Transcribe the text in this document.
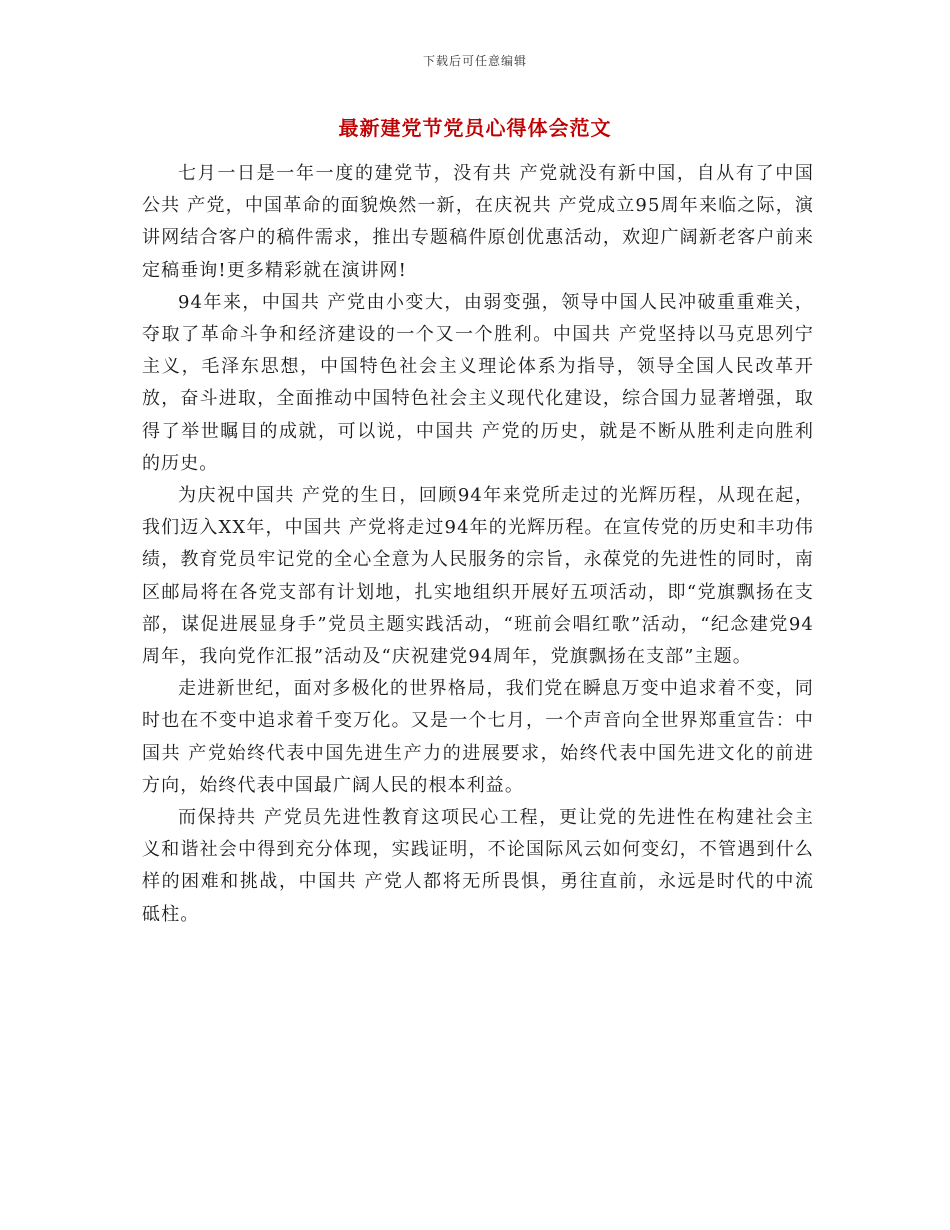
下载后可任意编辑
最新建党节党员心得体会范文

七月一日是一年一度的建党节，没有共 产党就没有新中国，自从有了中国公共 产党，中国革命的面貌焕然一新，在庆祝共 产党成立95周年来临之际，演讲网结合客户的稿件需求，推出专题稿件原创优惠活动，欢迎广阔新老客户前来定稿垂询!更多精彩就在演讲网!

94年来，中国共 产党由小变大，由弱变强，领导中国人民冲破重重难关，夺取了革命斗争和经济建设的一个又一个胜利。中国共 产党坚持以马克思列宁主义，毛泽东思想，中国特色社会主义理论体系为指导，领导全国人民改革开放，奋斗进取，全面推动中国特色社会主义现代化建设，综合国力显著增强，取得了举世瞩目的成就，可以说，中国共 产党的历史，就是不断从胜利走向胜利的历史。

为庆祝中国共 产党的生日，回顾94年来党所走过的光辉历程，从现在起，我们迈入XX年，中国共 产党将走过94年的光辉历程。在宣传党的历史和丰功伟绩，教育党员牢记党的全心全意为人民服务的宗旨，永葆党的先进性的同时，南区邮局将在各党支部有计划地，扎实地组织开展好五项活动，即“党旗飘扬在支部，谋促进展显身手”党员主题实践活动，“班前会唱红歌”活动，“纪念建党94周年，我向党作汇报”活动及“庆祝建党94周年，党旗飘扬在支部”主题。

走进新世纪，面对多极化的世界格局，我们党在瞬息万变中追求着不变，同时也在不变中追求着千变万化。又是一个七月，一个声音向全世界郑重宣告：中国共 产党始终代表中国先进生产力的进展要求，始终代表中国先进文化的前进方向，始终代表中国最广阔人民的根本利益。

而保持共 产党员先进性教育这项民心工程，更让党的先进性在构建社会主义和谐社会中得到充分体现，实践证明，不论国际风云如何变幻，不管遇到什么样的困难和挑战，中国共 产党人都将无所畏惧，勇往直前，永远是时代的中流砥柱。
